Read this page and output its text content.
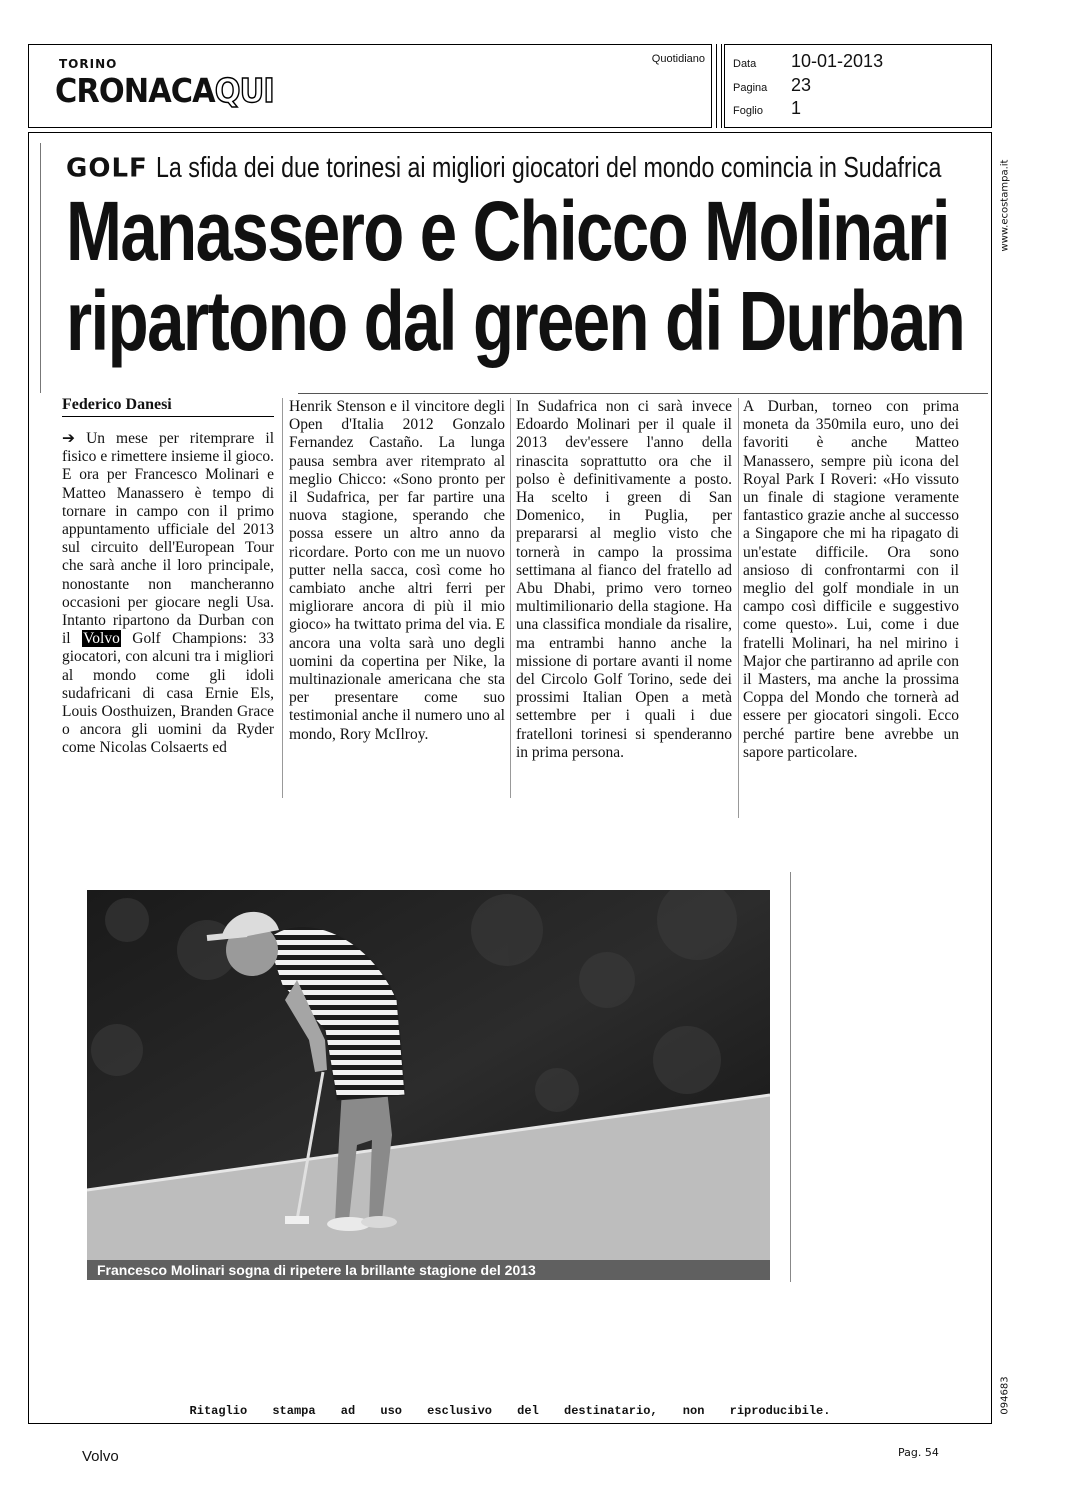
TORINO
CRONACAQUI
Quotidiano	Data 10-01-2013
Pagina 23
Foglio 1
www.ecostampa.it
094683
GOLF La sfida dei due torinesi ai migliori giocatori del mondo comincia in Sudafrica
Manassero e Chicco Molinari
ripartono dal green di Durban
Federico Danesi

➔ Un mese per ritemprare il fisico e rimettere insieme il gioco. E ora per Francesco Molinari e Matteo Manassero è tempo di tornare in campo con il primo appuntamento ufficiale del 2013 sul circuito dell'European Tour che sarà anche il loro principale, nonostante non mancheranno occasioni per giocare negli Usa. Intanto ripartono da Durban con il Volvo Golf Champions: 33 giocatori, con alcuni tra i migliori al mondo come gli idoli sudafricani di casa Ernie Els, Louis Oosthuizen, Branden Grace o ancora gli uomini da Ryder come Nicolas Colsaerts ed

Henrik Stenson e il vincitore degli Open d'Italia 2012 Gonzalo Fernandez Castaño. La lunga pausa sembra aver ritemprato al meglio Chicco: «Sono pronto per il Sudafrica, per far partire una nuova stagione, sperando che possa essere un altro anno da ricordare. Porto con me un nuovo putter nella sacca, così come ho cambiato anche altri ferri per migliorare ancora di più il mio gioco» ha twittato prima del via. E ancora una volta sarà uno degli uomini da copertina per Nike, la multinazionale americana che sta per presentare come suo testimonial anche il numero uno al mondo, Rory McIlroy.

In Sudafrica non ci sarà invece Edoardo Molinari per il quale il 2013 dev'essere l'anno della rinascita soprattutto ora che il polso è definitivamente a posto. Ha scelto i green di San Domenico, in Puglia, per prepararsi al meglio visto che tornerà in campo la prossima settimana al fianco del fratello ad Abu Dhabi, primo vero torneo multimilionario della stagione. Ha una classifica mondiale da risalire, ma entrambi hanno anche la missione di portare avanti il nome del Circolo Golf Torino, sede dei prossimi Italian Open a metà settembre per i quali i due fratelloni torinesi si spenderanno in prima persona.

A Durban, torneo con prima moneta da 350mila euro, uno dei favoriti è anche Matteo Manassero, sempre più icona del Royal Park I Roveri: «Ho vissuto un finale di stagione veramente fantastico grazie anche al successo a Singapore che mi ha ripagato di un'estate difficile. Ora sono ansioso di confrontarmi con il meglio del golf mondiale in un campo così difficile e suggestivo come questo». Lui, come i due fratelli Molinari, ha nel mirino i Major che partiranno ad aprile con il Masters, ma anche la prossima Coppa del Mondo che tornerà ad essere per giocatori singoli. Ecco perché partire bene avrebbe un sapore particolare.

Francesco Molinari sogna di ripetere la brillante stagione del 2013
Ritaglio stampa ad uso esclusivo del destinatario, non riproducibile.
Volvo	Pag. 54
